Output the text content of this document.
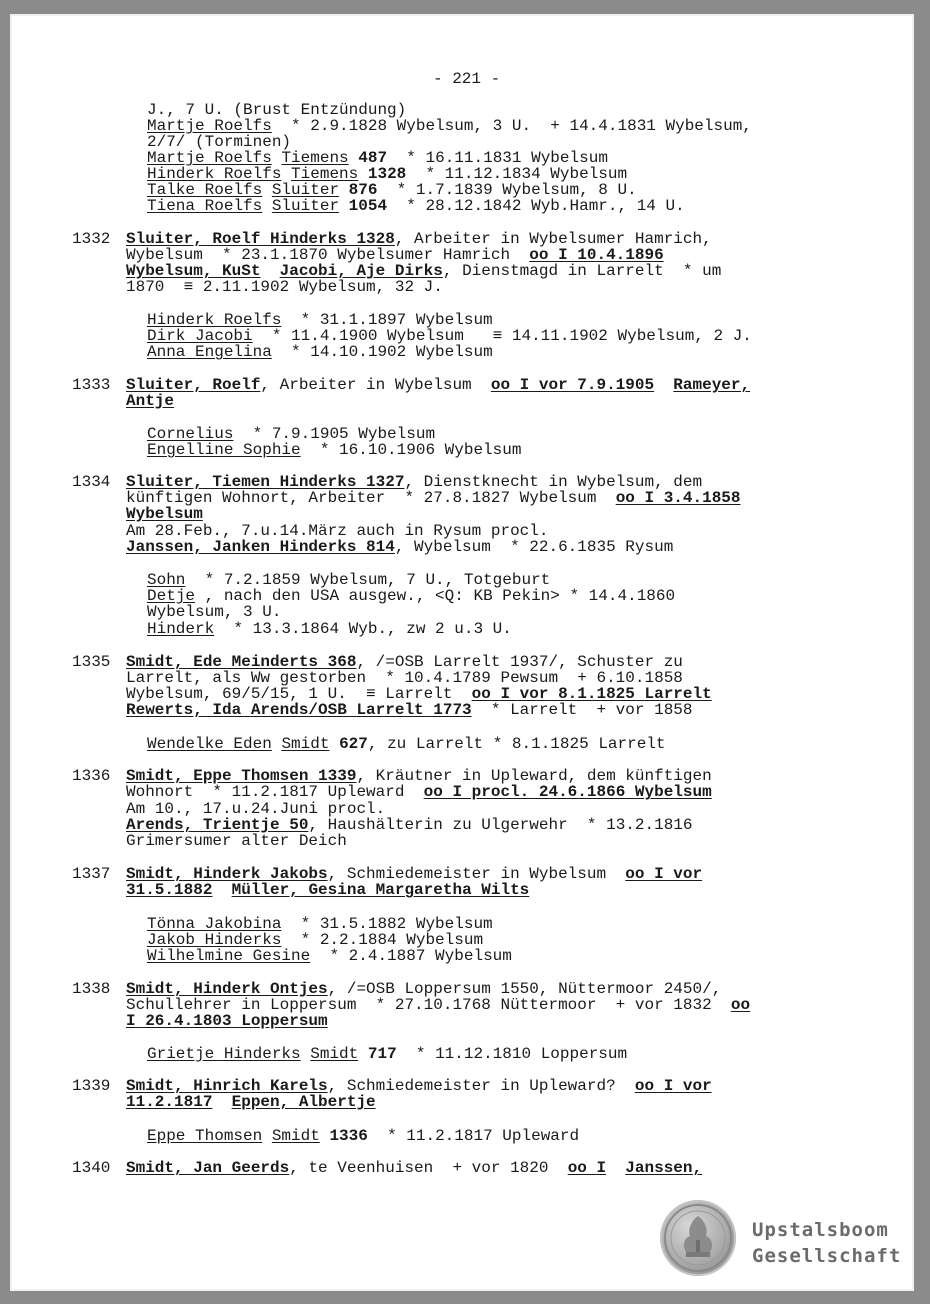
- 221 -
J., 7 U. (Brust Entzündung)
Martje Roelfs  * 2.9.1828 Wybelsum, 3 U.  + 14.4.1831 Wybelsum,
2/7/ (Torminen)
Martje Roelfs Tiemens 487  * 16.11.1831 Wybelsum
Hinderk Roelfs Tiemens 1328  * 11.12.1834 Wybelsum
Talke Roelfs Sluiter 876  * 1.7.1839 Wybelsum, 8 U.
Tiena Roelfs Sluiter 1054  * 28.12.1842 Wyb.Hamr., 14 U.
1332 Sluiter, Roelf Hinderks 1328, Arbeiter in Wybelsumer Hamrich,
Wybelsum  * 23.1.1870 Wybelsumer Hamrich  oo I 10.4.1896
Wybelsum, KuSt Jacobi, Aje Dirks, Dienstmagd in Larrelt  * um
1870  ≡ 2.11.1902 Wybelsum, 32 J.
Hinderk Roelfs  * 31.1.1897 Wybelsum
Dirk Jacobi  * 11.4.1900 Wybelsum   ≡ 14.11.1902 Wybelsum, 2 J.
Anna Engelina  * 14.10.1902 Wybelsum
1333 Sluiter, Roelf, Arbeiter in Wybelsum  oo I vor 7.9.1905 Rameyer,
Antje
Cornelius  * 7.9.1905 Wybelsum
Engelline Sophie  * 16.10.1906 Wybelsum
1334 Sluiter, Tiemen Hinderks 1327, Dienstknecht in Wybelsum, dem
künftigen Wohnort, Arbeiter  * 27.8.1827 Wybelsum  oo I 3.4.1858
Wybelsum
Am 28.Feb., 7.u.14.März auch in Rysum procl.
Janssen, Janken Hinderks 814, Wybelsum  * 22.6.1835 Rysum
Sohn  * 7.2.1859 Wybelsum, 7 U., Totgeburt
Detje , nach den USA ausgew., <Q: KB Pekin> * 14.4.1860
Wybelsum, 3 U.
Hinderk  * 13.3.1864 Wyb., zw 2 u.3 U.
1335 Smidt, Ede Meinderts 368, /=OSB Larrelt 1937/, Schuster zu
Larrelt, als Ww gestorben  * 10.4.1789 Pewsum  + 6.10.1858
Wybelsum, 69/5/15, 1 U.  ≡ Larrelt  oo I vor 8.1.1825 Larrelt
Rewerts, Ida Arends/OSB Larrelt 1773  * Larrelt  + vor 1858
Wendelke Eden Smidt 627, zu Larrelt * 8.1.1825 Larrelt
1336 Smidt, Eppe Thomsen 1339, Kräutner in Upleward, dem künftigen
Wohnort  * 11.2.1817 Upleward  oo I procl. 24.6.1866 Wybelsum
Am 10., 17.u.24.Juni procl.
Arends, Trientje 50, Haushälterin zu Ulgerwehr  * 13.2.1816
Grimersumer alter Deich
1337 Smidt, Hinderk Jakobs, Schmiedemeister in Wybelsum  oo I vor
31.5.1882 Müller, Gesina Margaretha Wilts
Tönna Jakobina  * 31.5.1882 Wybelsum
Jakob Hinderks  * 2.2.1884 Wybelsum
Wilhelmine Gesine  * 2.4.1887 Wybelsum
1338 Smidt, Hinderk Ontjes, /=OSB Loppersum 1550, Nüttermoor 2450/,
Schullehrer in Loppersum  * 27.10.1768 Nüttermoor  + vor 1832  oo
I 26.4.1803 Loppersum
Grietje Hinderks Smidt 717  * 11.12.1810 Loppersum
1339 Smidt, Hinrich Karels, Schmiedemeister in Upleward?  oo I vor
11.2.1817 Eppen, Albertje
Eppe Thomsen Smidt 1336  * 11.2.1817 Upleward
1340 Smidt, Jan Geerds, te Veenhuisen  + vor 1820  oo I Janssen,
Upstalsboom
Gesellschaft
